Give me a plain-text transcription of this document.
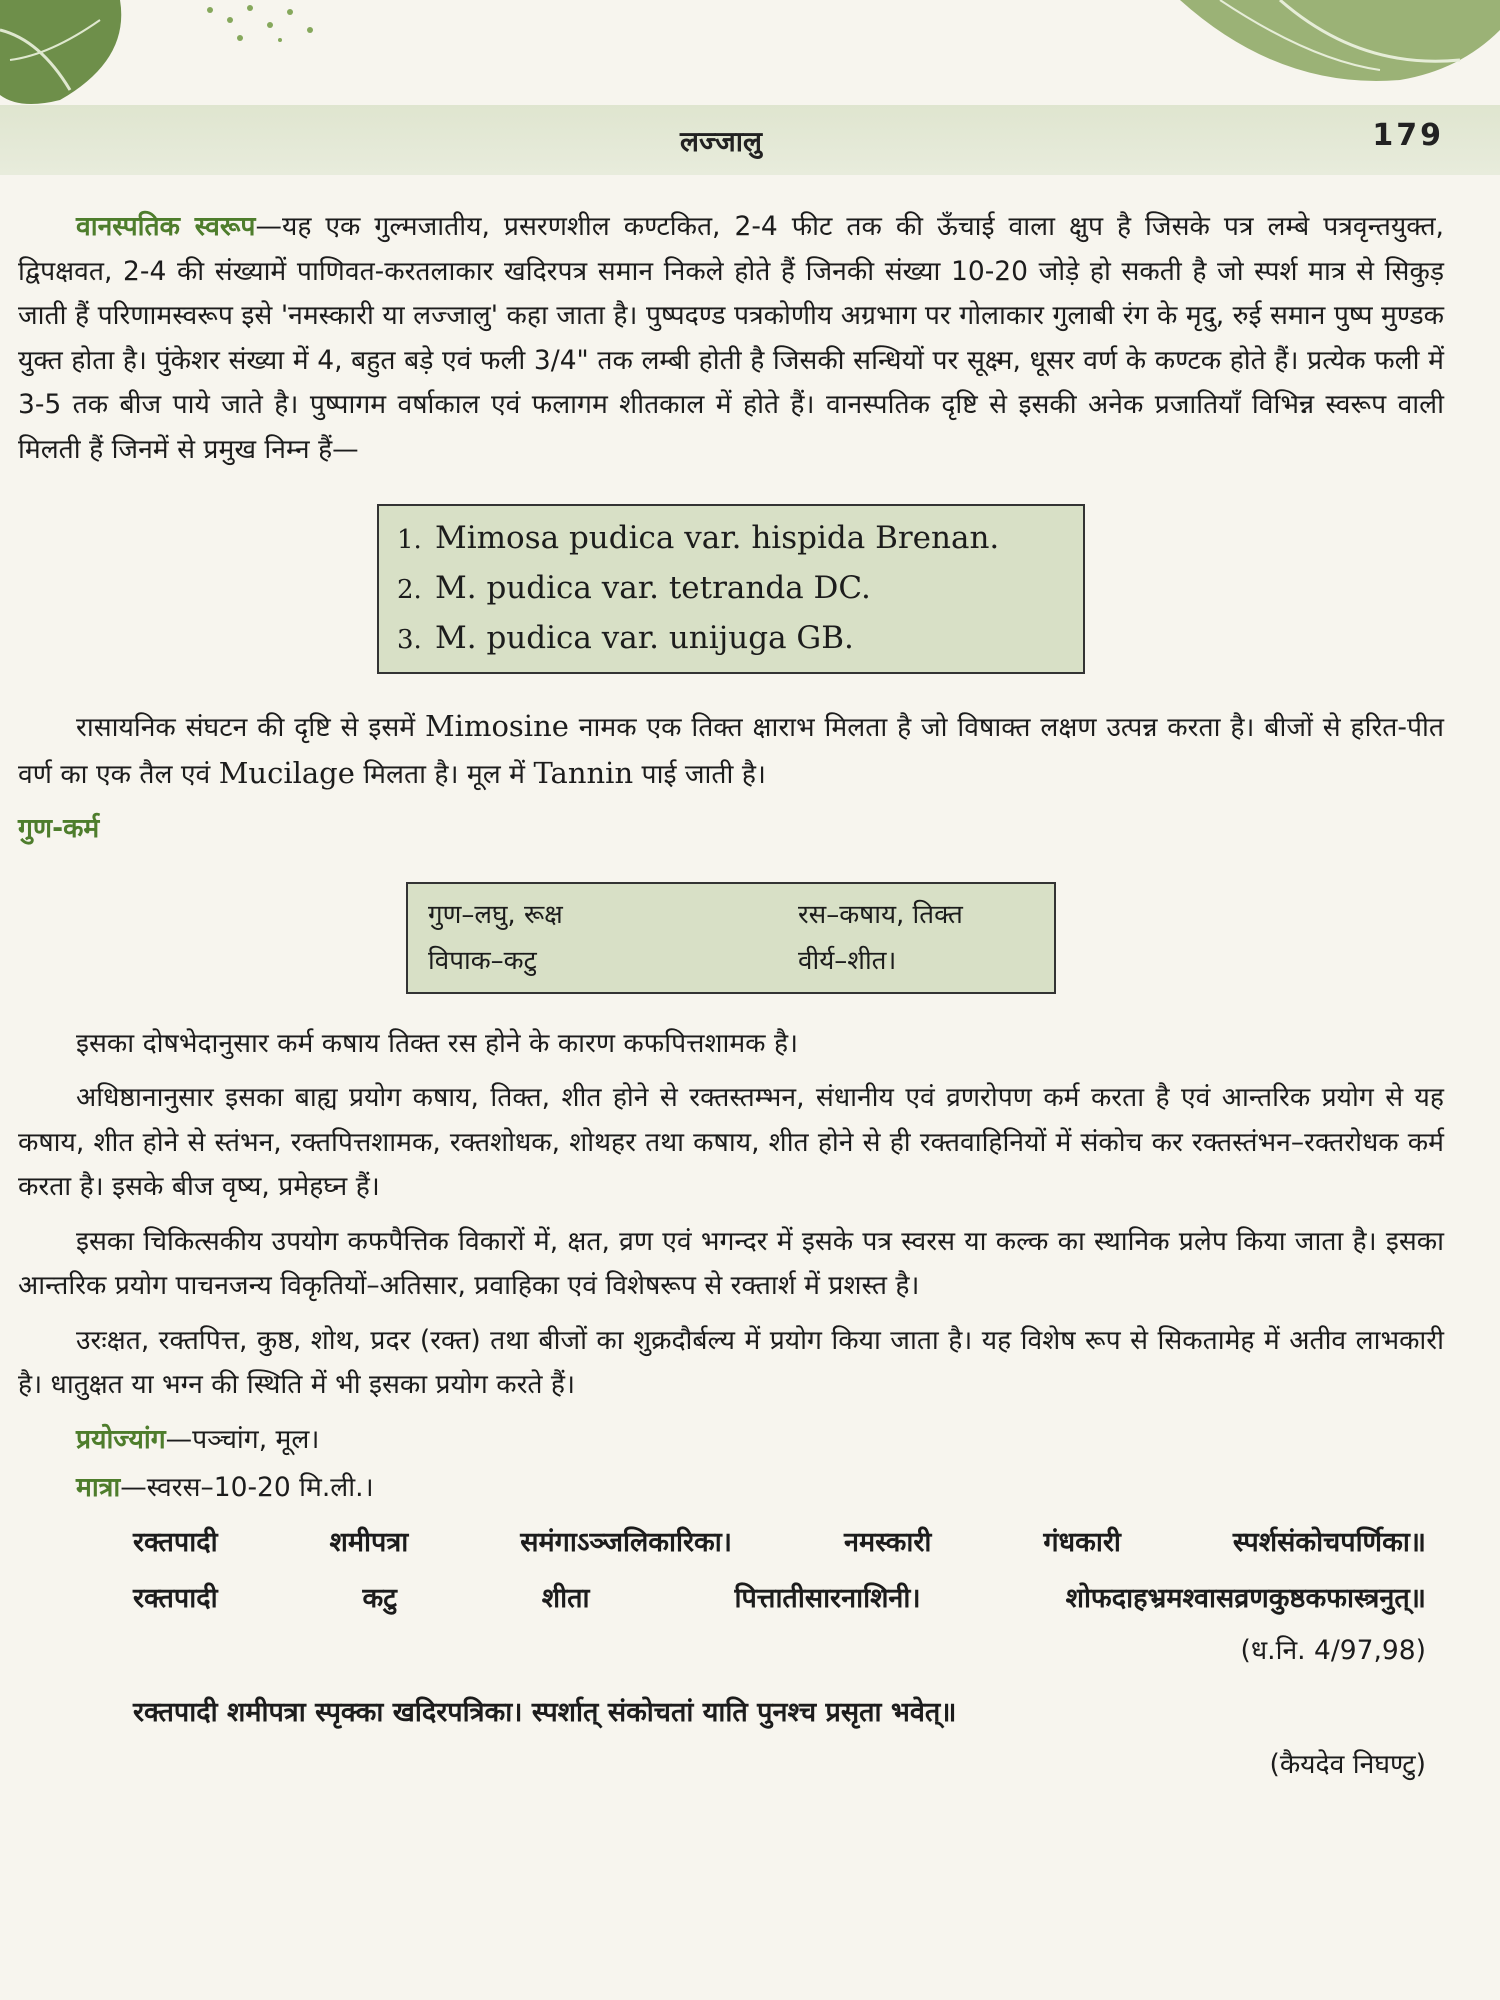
लज्जालु	179

वानस्पतिक स्वरूप—यह एक गुल्मजातीय, प्रसरणशील कण्टकित, 2-4 फीट तक की ऊँचाई वाला क्षुप है जिसके पत्र लम्बे पत्रवृन्तयुक्त, द्विपक्षवत, 2-4 की संख्यामें पाणिवत-करतलाकार खदिरपत्र समान निकले होते हैं जिनकी संख्या 10-20 जोड़े हो सकती है जो स्पर्श मात्र से सिकुड़ जाती हैं परिणामस्वरूप इसे 'नमस्कारी या लज्जालु' कहा जाता है। पुष्पदण्ड पत्रकोणीय अग्रभाग पर गोलाकार गुलाबी रंग के मृदु, रुई समान पुष्प मुण्डक युक्त होता है। पुंकेशर संख्या में 4, बहुत बड़े एवं फली 3/4" तक लम्बी होती है जिसकी सन्धियों पर सूक्ष्म, धूसर वर्ण के कण्टक होते हैं। प्रत्येक फली में 3-5 तक बीज पाये जाते है। पुष्पागम वर्षाकाल एवं फलागम शीतकाल में होते हैं। वानस्पतिक दृष्टि से इसकी अनेक प्रजातियाँ विभिन्न स्वरूप वाली मिलती हैं जिनमें से प्रमुख निम्न हैं—

1. Mimosa pudica var. hispida Brenan.
2. M. pudica var. tetranda DC.
3. M. pudica var. unijuga GB.

रासायनिक संघटन की दृष्टि से इसमें Mimosine नामक एक तिक्त क्षाराभ मिलता है जो विषाक्त लक्षण उत्पन्न करता है। बीजों से हरित-पीत वर्ण का एक तैल एवं Mucilage मिलता है। मूल में Tannin पाई जाती है।

गुण-कर्म
गुण–लघु, रूक्ष	रस–कषाय, तिक्त
विपाक–कटु	वीर्य–शीत।

इसका दोषभेदानुसार कर्म कषाय तिक्त रस होने के कारण कफपित्तशामक है।

अधिष्ठानानुसार इसका बाह्य प्रयोग कषाय, तिक्त, शीत होने से रक्तस्तम्भन, संधानीय एवं व्रणरोपण कर्म करता है एवं आन्तरिक प्रयोग से यह कषाय, शीत होने से स्तंभन, रक्तपित्तशामक, रक्तशोधक, शोथहर तथा कषाय, शीत होने से ही रक्तवाहिनियों में संकोच कर रक्तस्तंभन–रक्तरोधक कर्म करता है। इसके बीज वृष्य, प्रमेहघ्न हैं।

इसका चिकित्सकीय उपयोग कफपैत्तिक विकारों में, क्षत, व्रण एवं भगन्दर में इसके पत्र स्वरस या कल्क का स्थानिक प्रलेप किया जाता है। इसका आन्तरिक प्रयोग पाचनजन्य विकृतियों–अतिसार, प्रवाहिका एवं विशेषरूप से रक्तार्श में प्रशस्त है।

उरःक्षत, रक्तपित्त, कुष्ठ, शोथ, प्रदर (रक्त) तथा बीजों का शुक्रदौर्बल्य में प्रयोग किया जाता है। यह विशेष रूप से सिकतामेह में अतीव लाभकारी है। धातुक्षत या भग्न की स्थिति में भी इसका प्रयोग करते हैं।

प्रयोज्यांग—पञ्चांग, मूल।

मात्रा—स्वरस–10-20 मि.ली.।

रक्तपादी	शमीपत्रा	समंगाऽञ्जलिकारिका।	नमस्कारी	गंधकारी	स्पर्शसंकोचपर्णिका॥
रक्तपादी	कटु	शीता	पित्तातीसारनाशिनी।	शोफदाहभ्रमश्वासव्रणकुष्ठकफास्त्रनुत्॥
(ध.नि. 4/97,98)
रक्तपादी शमीपत्रा स्पृक्का खदिरपत्रिका। स्पर्शात् संकोचतां याति पुनश्च प्रसृता भवेत्॥
(कैयदेव निघण्टु)
